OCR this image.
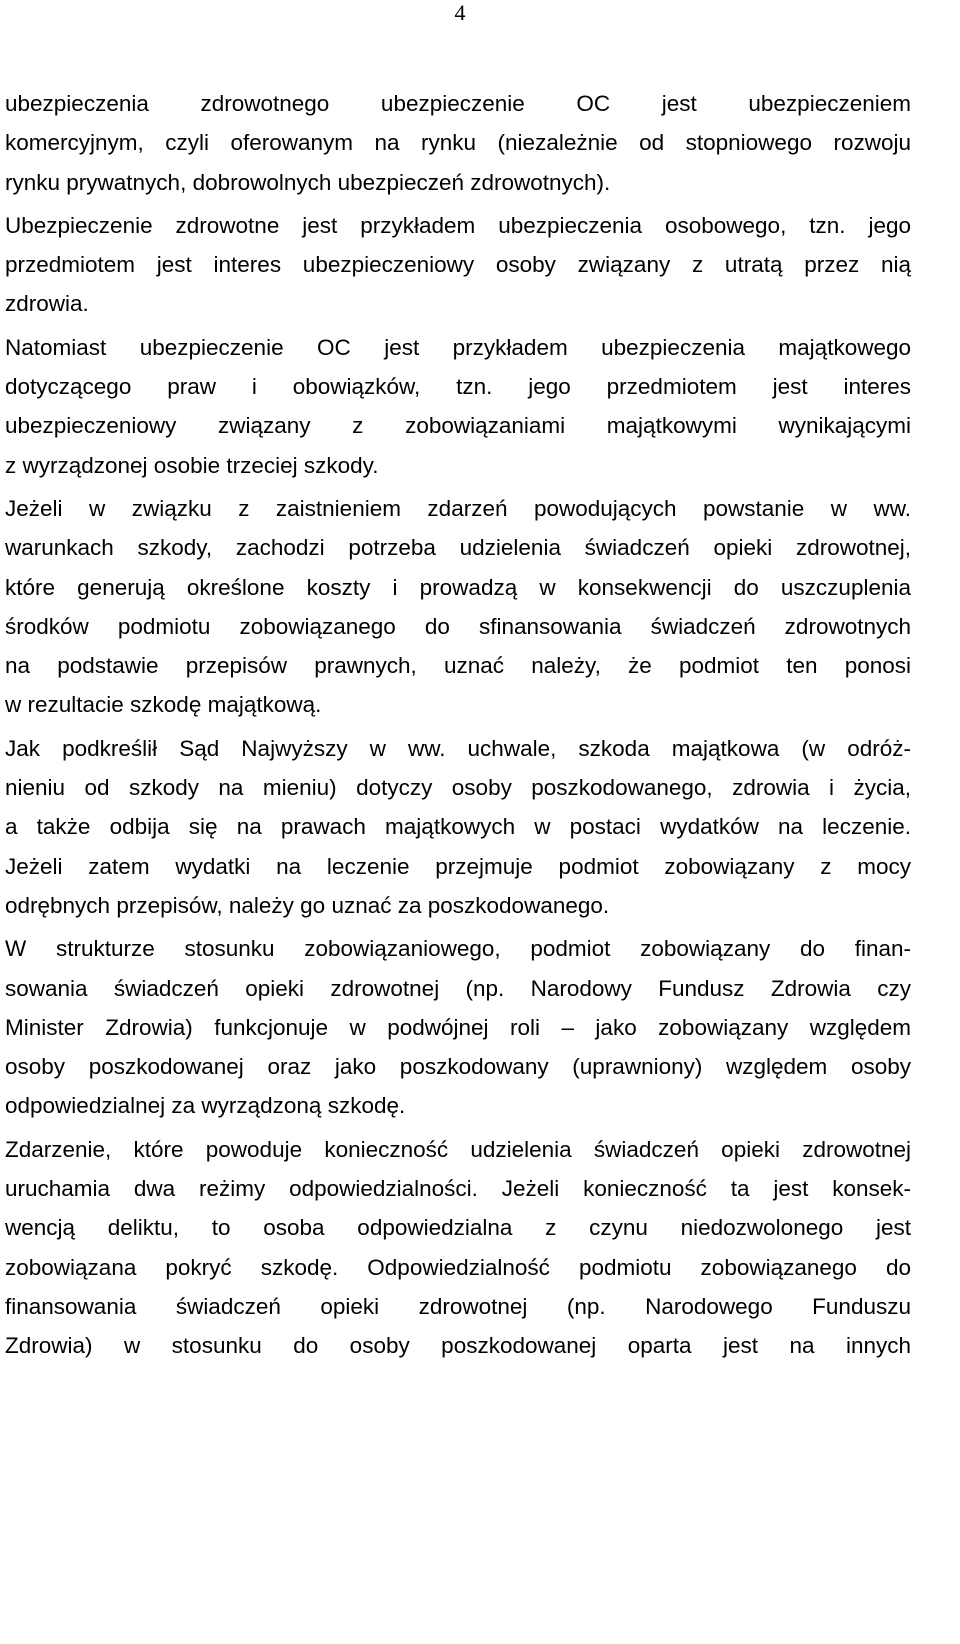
4
ubezpieczenia zdrowotnego ubezpieczenie OC jest ubezpieczeniem
komercyjnym, czyli oferowanym na rynku (niezależnie od stopniowego rozwoju
rynku prywatnych, dobrowolnych ubezpieczeń zdrowotnych).
Ubezpieczenie zdrowotne jest przykładem ubezpieczenia osobowego, tzn. jego
przedmiotem jest interes ubezpieczeniowy osoby związany z utratą przez nią
zdrowia.
Natomiast ubezpieczenie OC jest przykładem ubezpieczenia majątkowego
dotyczącego praw i obowiązków, tzn. jego przedmiotem jest interes
ubezpieczeniowy związany z zobowiązaniami majątkowymi wynikającymi
z wyrządzonej osobie trzeciej szkody.
Jeżeli w związku z zaistnieniem zdarzeń powodujących powstanie w ww.
warunkach szkody, zachodzi potrzeba udzielenia świadczeń opieki zdrowotnej,
które generują określone koszty i prowadzą w konsekwencji do uszczuplenia
środków podmiotu zobowiązanego do sfinansowania świadczeń zdrowotnych
na podstawie przepisów prawnych, uznać należy, że podmiot ten ponosi
w rezultacie szkodę majątkową.
Jak podkreślił Sąd Najwyższy w ww. uchwale, szkoda majątkowa (w odróż-
nieniu od szkody na mieniu) dotyczy osoby poszkodowanego, zdrowia i życia,
a także odbija się na prawach majątkowych w postaci wydatków na leczenie.
Jeżeli zatem wydatki na leczenie przejmuje podmiot zobowiązany z mocy
odrębnych przepisów, należy go uznać za poszkodowanego.
W strukturze stosunku zobowiązaniowego, podmiot zobowiązany do finan-
sowania świadczeń opieki zdrowotnej (np. Narodowy Fundusz Zdrowia czy
Minister Zdrowia) funkcjonuje w podwójnej roli – jako zobowiązany względem
osoby poszkodowanej oraz jako poszkodowany (uprawniony) względem osoby
odpowiedzialnej za wyrządzoną szkodę.
Zdarzenie, które powoduje konieczność udzielenia świadczeń opieki zdrowotnej
uruchamia dwa reżimy odpowiedzialności. Jeżeli konieczność ta jest konsek-
wencją deliktu, to osoba odpowiedzialna z czynu niedozwolonego jest
zobowiązana pokryć szkodę. Odpowiedzialność podmiotu zobowiązanego do
finansowania świadczeń opieki zdrowotnej (np. Narodowego Funduszu
Zdrowia) w stosunku do osoby poszkodowanej oparta jest na innych
